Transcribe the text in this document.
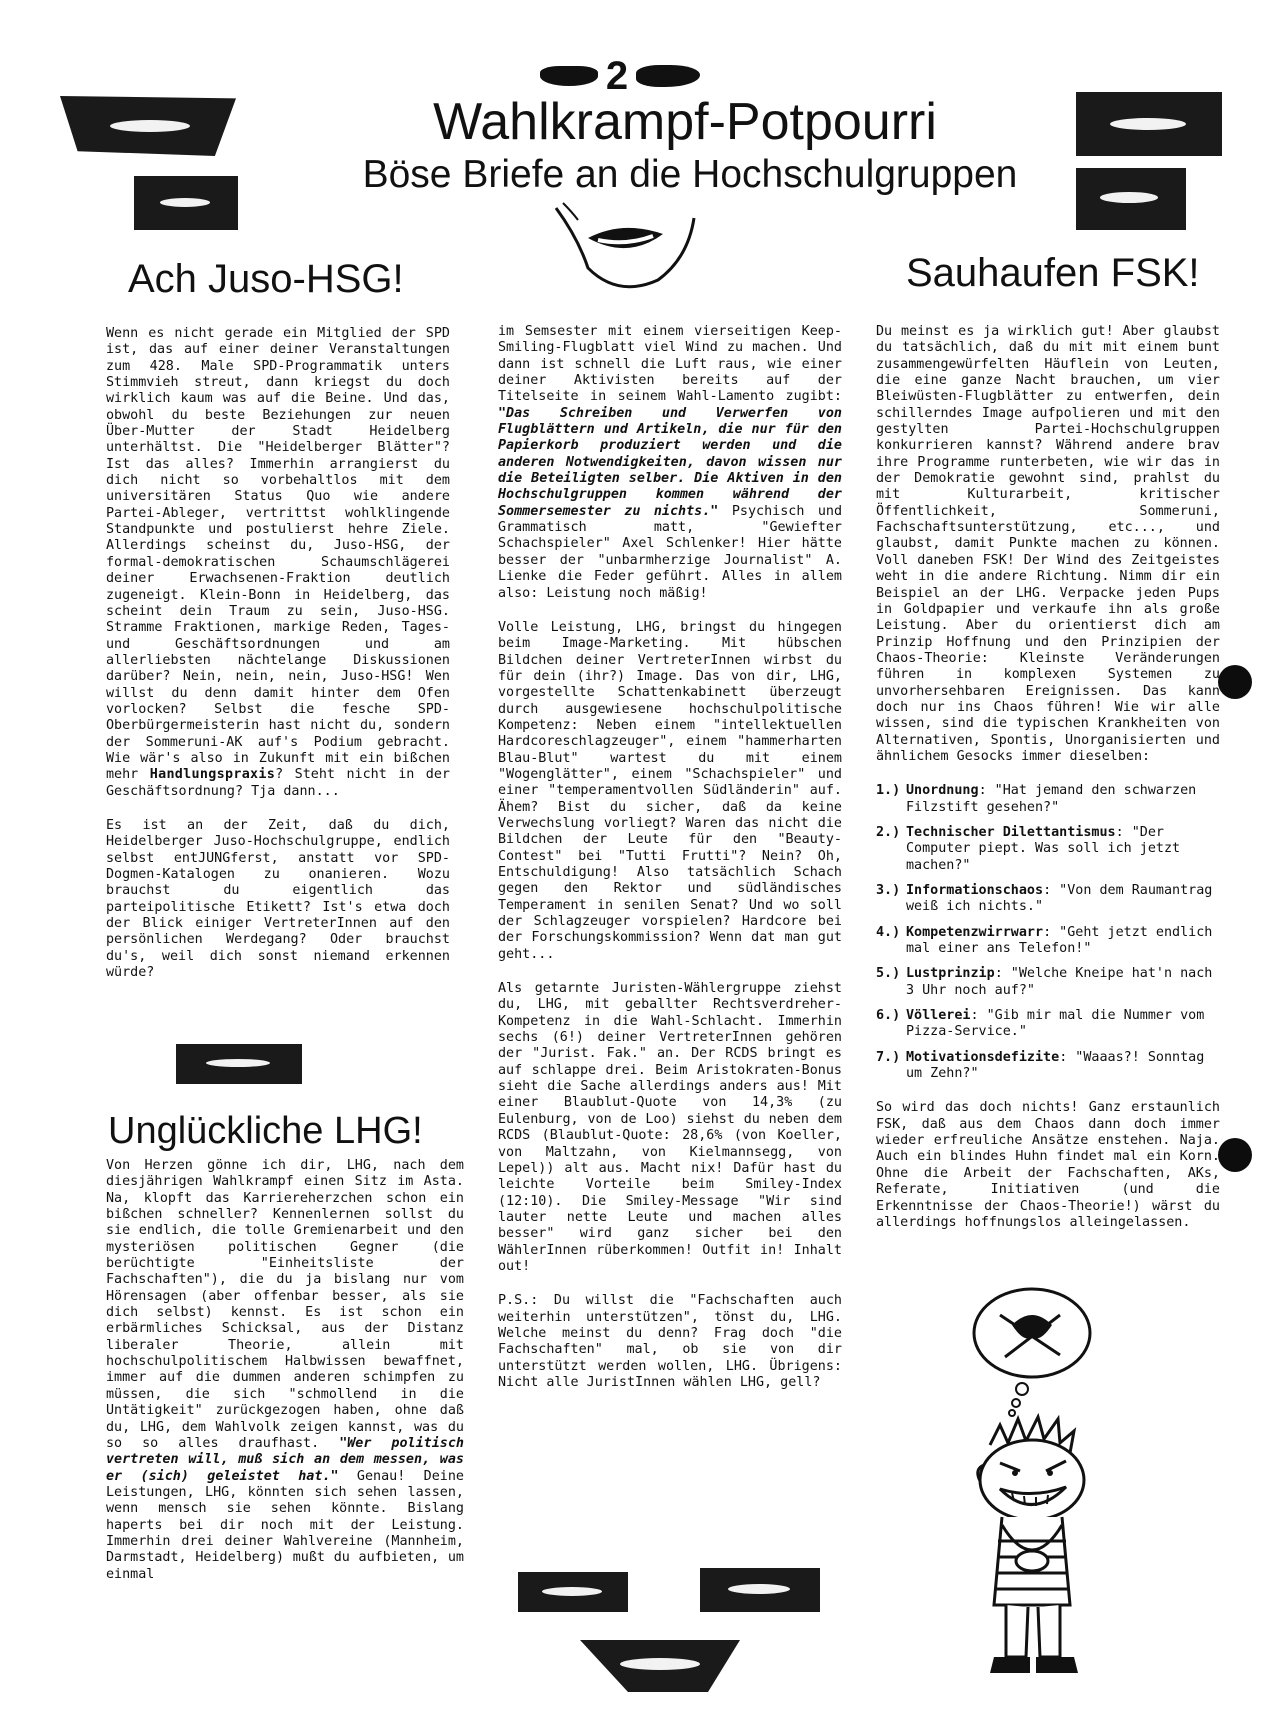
2
Wahlkrampf-Potpourri
Böse Briefe an die Hochschulgruppen
Ach Juso-HSG!	Sauhaufen FSK!
Unglückliche LHG!

Wenn es nicht gerade ein Mitglied der SPD ist, das auf einer deiner Veranstaltungen zum 428. Male SPD-Programmatik unters Stimmvieh streut, dann kriegst du doch wirklich kaum was auf die Beine. Und das, obwohl du beste Beziehungen zur neuen Über-Mutter der Stadt Heidelberg unterhältst. Die "Heidelberger Blätter"? Ist das alles? Immerhin arrangierst du dich nicht so vorbehaltlos mit dem universitären Status Quo wie andere Partei-Ableger, vertrittst wohlklingende Standpunkte und postulierst hehre Ziele. Allerdings scheinst du, Juso-HSG, der formal-demokratischen Schaumschlägerei deiner Erwachsenen-Fraktion deutlich zugeneigt. Klein-Bonn in Heidelberg, das scheint dein Traum zu sein, Juso-HSG. Stramme Fraktionen, markige Reden, Tages- und Geschäftsordnungen und am allerliebsten nächtelange Diskussionen darüber? Nein, nein, nein, Juso-HSG! Wen willst du denn damit hinter dem Ofen vorlocken? Selbst die fesche SPD-Oberbürgermeisterin hast nicht du, sondern der Sommeruni-AK auf's Podium gebracht. Wie wär's also in Zukunft mit ein bißchen mehr Handlungspraxis? Steht nicht in der Geschäftsordnung? Tja dann...

Es ist an der Zeit, daß du dich, Heidelberger Juso-Hochschulgruppe, endlich selbst entJUNGferst, anstatt vor SPD-Dogmen-Katalogen zu onanieren. Wozu brauchst du eigentlich das parteipolitische Etikett? Ist's etwa doch der Blick einiger VertreterInnen auf den persönlichen Werdegang? Oder brauchst du's, weil dich sonst niemand erkennen würde?

Von Herzen gönne ich dir, LHG, nach dem diesjährigen Wahlkrampf einen Sitz im Asta. Na, klopft das Karriereherzchen schon ein bißchen schneller? Kennenlernen sollst du sie endlich, die tolle Gremienarbeit und den mysteriösen politischen Gegner (die berüchtigte "Einheitsliste der Fachschaften"), die du ja bislang nur vom Hörensagen (aber offenbar besser, als sie dich selbst) kennst. Es ist schon ein erbärmliches Schicksal, aus der Distanz liberaler Theorie, allein mit hochschulpolitischem Halbwissen bewaffnet, immer auf die dummen anderen schimpfen zu müssen, die sich "schmollend in die Untätigkeit" zurückgezogen haben, ohne daß du, LHG, dem Wahlvolk zeigen kannst, was du so so alles draufhast. "Wer politisch vertreten will, muß sich an dem messen, was er (sich) geleistet hat." Genau! Deine Leistungen, LHG, könnten sich sehen lassen, wenn mensch sie sehen könnte. Bislang haperts bei dir noch mit der Leistung. Immerhin drei deiner Wahlvereine (Mannheim, Darmstadt, Heidelberg) mußt du aufbieten, um einmal

im Semsester mit einem vierseitigen Keep-Smiling-Flugblatt viel Wind zu machen. Und dann ist schnell die Luft raus, wie einer deiner Aktivisten bereits auf der Titelseite in seinem Wahl-Lamento zugibt: "Das Schreiben und Verwerfen von Flugblättern und Artikeln, die nur für den Papierkorb produziert werden und die anderen Notwendigkeiten, davon wissen nur die Beteiligten selber. Die Aktiven in den Hochschulgruppen kommen während der Sommersemester zu nichts." Psychisch und Grammatisch matt, "Gewiefter Schachspieler" Axel Schlenker! Hier hätte besser der "unbarmherzige Journalist" A. Lienke die Feder geführt. Alles in allem also: Leistung noch mäßig!

Volle Leistung, LHG, bringst du hingegen beim Image-Marketing. Mit hübschen Bildchen deiner VertreterInnen wirbst du für dein (ihr?) Image. Das von dir, LHG, vorgestellte Schattenkabinett überzeugt durch ausgewiesene hochschulpolitische Kompetenz: Neben einem "intellektuellen Hardcoreschlagzeuger", einem "hammerharten Blau-Blut" wartest du mit einem "Wogenglätter", einem "Schachspieler" und einer "temperamentvollen Südländerin" auf. Ähem? Bist du sicher, daß da keine Verwechslung vorliegt? Waren das nicht die Bildchen der Leute für den "Beauty-Contest" bei "Tutti Frutti"? Nein? Oh, Entschuldigung! Also tatsächlich Schach gegen den Rektor und südländisches Temperament in senilen Senat? Und wo soll der Schlagzeuger vorspielen? Hardcore bei der Forschungskommission? Wenn dat man gut geht...

Als getarnte Juristen-Wählergruppe ziehst du, LHG, mit geballter Rechtsverdreher-Kompetenz in die Wahl-Schlacht. Immerhin sechs (6!) deiner VertreterInnen gehören der "Jurist. Fak." an. Der RCDS bringt es auf schlappe drei. Beim Aristokraten-Bonus sieht die Sache allerdings anders aus! Mit einer Blaublut-Quote von 14,3% (zu Eulenburg, von de Loo) siehst du neben dem RCDS (Blaublut-Quote: 28,6% (von Koeller, von Maltzahn, von Kielmannsegg, von Lepel)) alt aus. Macht nix! Dafür hast du leichte Vorteile beim Smiley-Index (12:10). Die Smiley-Message "Wir sind lauter nette Leute und machen alles besser" wird ganz sicher bei den WählerInnen rüberkommen! Outfit in! Inhalt out!

P.S.: Du willst die "Fachschaften auch weiterhin unterstützen", tönst du, LHG. Welche meinst du denn? Frag doch "die Fachschaften" mal, ob sie von dir unterstützt werden wollen, LHG. Übrigens: Nicht alle JuristInnen wählen LHG, gell?

Du meinst es ja wirklich gut! Aber glaubst du tatsächlich, daß du mit mit einem bunt zusammengewürfelten Häuflein von Leuten, die eine ganze Nacht brauchen, um vier Bleiwüsten-Flugblätter zu entwerfen, dein schillerndes Image aufpolieren und mit den gestylten Partei-Hochschulgruppen konkurrieren kannst? Während andere brav ihre Programme runterbeten, wie wir das in der Demokratie gewohnt sind, prahlst du mit Kulturarbeit, kritischer Öffentlichkeit, Sommeruni, Fachschaftsunterstützung, etc..., und glaubst, damit Punkte machen zu können. Voll daneben FSK! Der Wind des Zeitgeistes weht in die andere Richtung. Nimm dir ein Beispiel an der LHG. Verpacke jeden Pups in Goldpapier und verkaufe ihn als große Leistung. Aber du orientierst dich am Prinzip Hoffnung und den Prinzipien der Chaos-Theorie: Kleinste Veränderungen führen in komplexen Systemen zu unvorhersehbaren Ereignissen. Das kann doch nur ins Chaos führen! Wie wir alle wissen, sind die typischen Krankheiten von Alternativen, Spontis, Unorganisierten und ähnlichem Gesocks immer dieselben:

1.) Unordnung: "Hat jemand den schwarzen Filzstift gesehen?"
2.) Technischer Dilettantismus: "Der Computer piept. Was soll ich jetzt machen?"
3.) Informationschaos: "Von dem Raumantrag weiß ich nichts."
4.) Kompetenzwirrwarr: "Geht jetzt endlich mal einer ans Telefon!"
5.) Lustprinzip: "Welche Kneipe hat'n nach 3 Uhr noch auf?"
6.) Völlerei: "Gib mir mal die Nummer vom Pizza-Service."
7.) Motivationsdefizite: "Waaas?! Sonntag um Zehn?"

So wird das doch nichts! Ganz erstaunlich FSK, daß aus dem Chaos dann doch immer wieder erfreuliche Ansätze enstehen. Naja. Auch ein blindes Huhn findet mal ein Korn. Ohne die Arbeit der Fachschaften, AKs, Referate, Initiativen (und die Erkenntnisse der Chaos-Theorie!) wärst du allerdings hoffnungslos alleingelassen.
